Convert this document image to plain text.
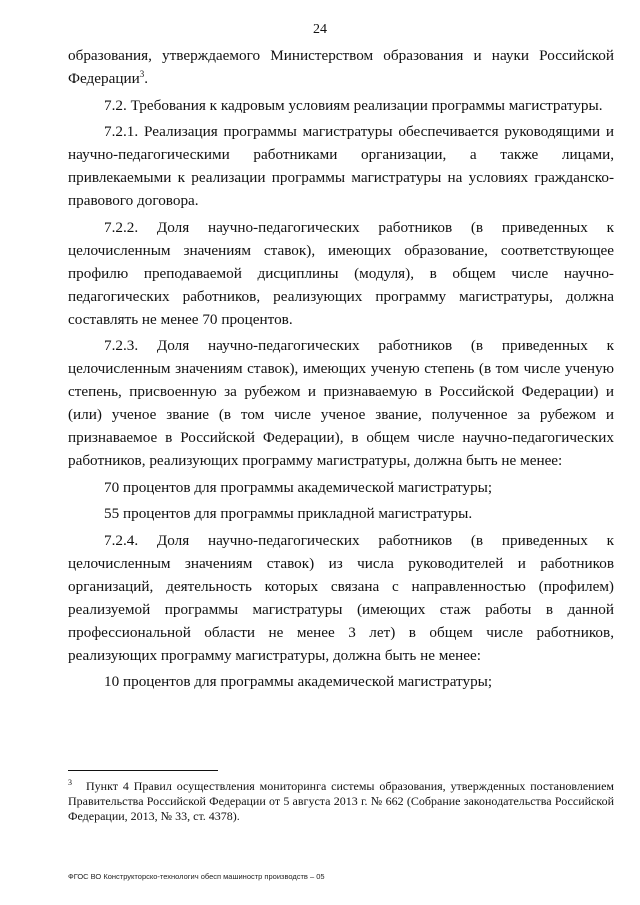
24

образования, утверждаемого Министерством образования и науки Российской Федерации$^3$.

7.2. Требования к кадровым условиям реализации программы магистратуры.

7.2.1. Реализация программы магистратуры обеспечивается руководящими и научно-педагогическими работниками организации, а также лицами, привлекаемыми к реализации программы магистратуры на условиях гражданско-правового договора.

7.2.2. Доля научно-педагогических работников (в приведенных к целочисленным значениям ставок), имеющих образование, соответствующее профилю преподаваемой дисциплины (модуля), в общем числе научно-педагогических работников, реализующих программу магистратуры, должна составлять не менее 70 процентов.

7.2.3. Доля научно-педагогических работников (в приведенных к целочисленным значениям ставок), имеющих ученую степень (в том числе ученую степень, присвоенную за рубежом и признаваемую в Российской Федерации) и (или) ученое звание (в том числе ученое звание, полученное за рубежом и признаваемое в Российской Федерации), в общем числе научно-педагогических работников, реализующих программу магистратуры, должна быть не менее:

70 процентов для программы академической магистратуры;

55 процентов для программы прикладной магистратуры.

7.2.4. Доля научно-педагогических работников (в приведенных к целочисленным значениям ставок) из числа руководителей и работников организаций, деятельность которых связана с направленностью (профилем) реализуемой программы магистратуры (имеющих стаж работы в данной профессиональной области не менее 3 лет) в общем числе работников, реализующих программу магистратуры, должна быть не менее:

10 процентов для программы академической магистратуры;

3 Пункт 4 Правил осуществления мониторинга системы образования, утвержденных постановлением Правительства Российской Федерации от 5 августа 2013 г. № 662 (Собрание законодательства Российской Федерации, 2013, № 33, ст. 4378).
ФГОС ВО Конструкторско-технологич обесп машиностр производств – 05
